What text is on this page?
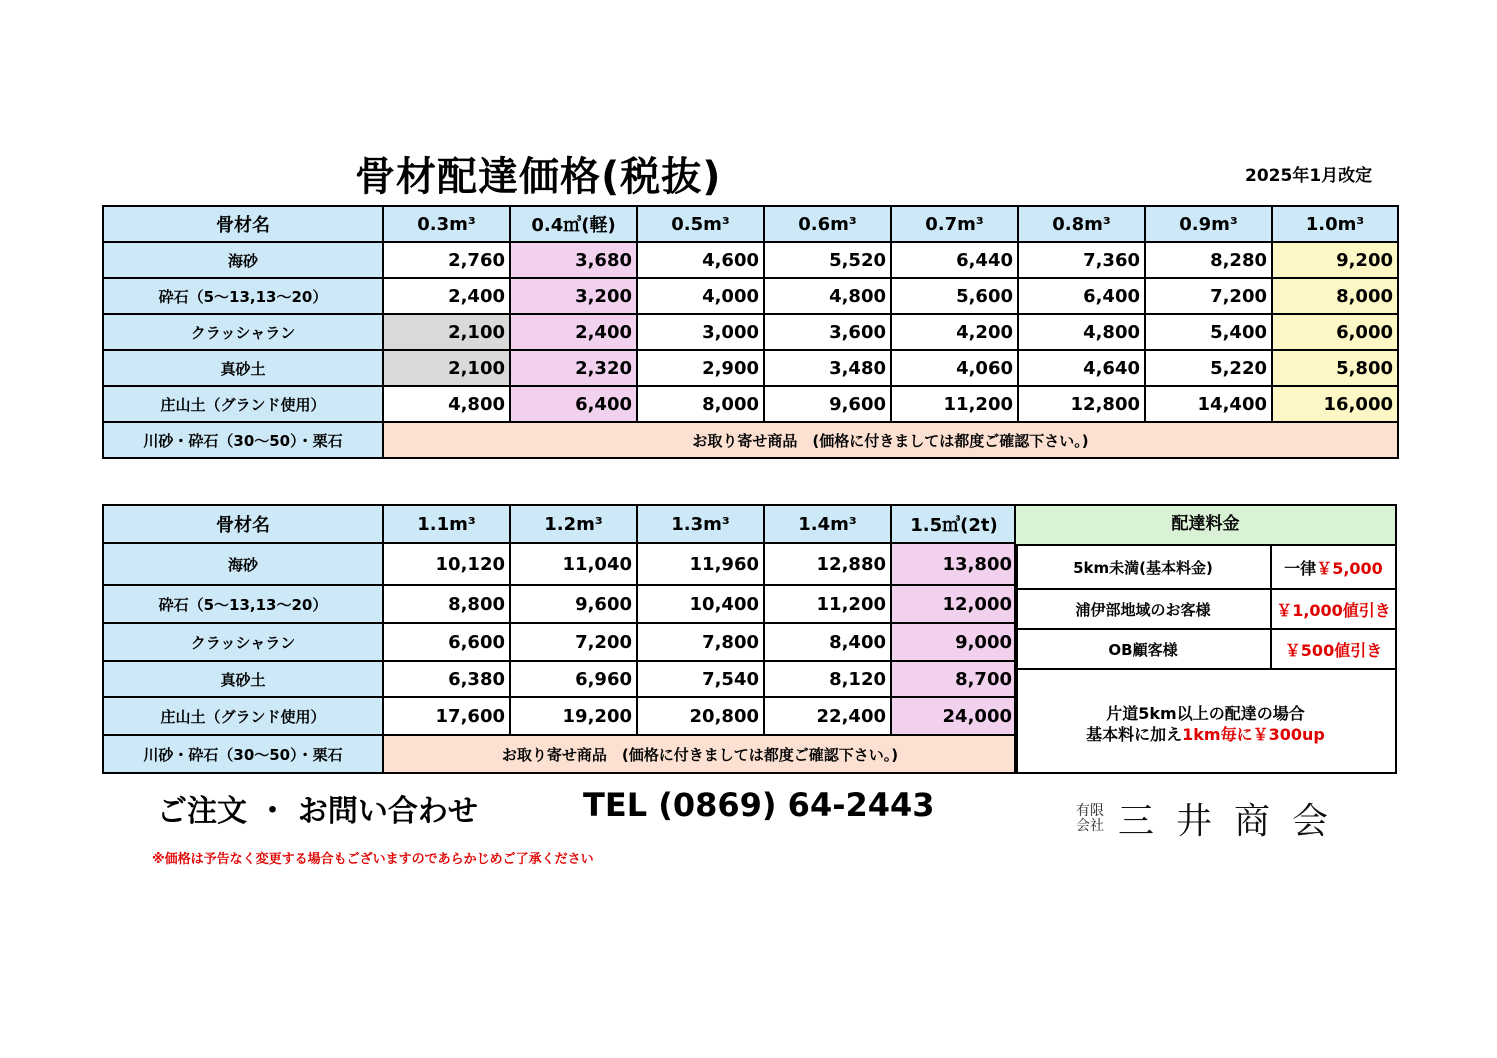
骨材配達価格(税抜)	2025年1月改定
骨材名	0.3m³	0.4㎥(軽)	0.5m³	0.6m³	0.7m³	0.8m³	0.9m³	1.0m³
海砂	2,760	3,680	4,600	5,520	6,440	7,360	8,280	9,200
砕石（5～13,13～20）	2,400	3,200	4,000	4,800	5,600	6,400	7,200	8,000
クラッシャラン	2,100	2,400	3,000	3,600	4,200	4,800	5,400	6,000
真砂土	2,100	2,320	2,900	3,480	4,060	4,640	5,220	5,800
庄山土（グランド使用）	4,800	6,400	8,000	9,600	11,200	12,800	14,400	16,000
川砂・砕石（30～50）・栗石	お取り寄せ商品　(価格に付きましては都度ご確認下さい。)							
骨材名	1.1m³	1.2m³	1.3m³	1.4m³	1.5㎥(2t)
海砂	10,120	11,040	11,960	12,880	13,800
砕石（5～13,13～20）	8,800	9,600	10,400	11,200	12,000
クラッシャラン	6,600	7,200	7,800	8,400	9,000
真砂土	6,380	6,960	7,540	8,120	8,700
庄山土（グランド使用）	17,600	19,200	20,800	22,400	24,000
川砂・砕石（30～50）・栗石	お取り寄せ商品　(価格に付きましては都度ご確認下さい。)				
配達料金
5km未満(基本料金)	一律 ￥5,000
浦伊部地域のお客様	￥1,000値引き
OB顧客様	￥500値引き
片道5km以上の配達の場合
基本料に加え1km毎に￥300up
ご注文 ・ お問い合わせ	TEL (0869) 64-2443	有限
会社 三井商会
※価格は予告なく変更する場合もございますのであらかじめご了承ください
